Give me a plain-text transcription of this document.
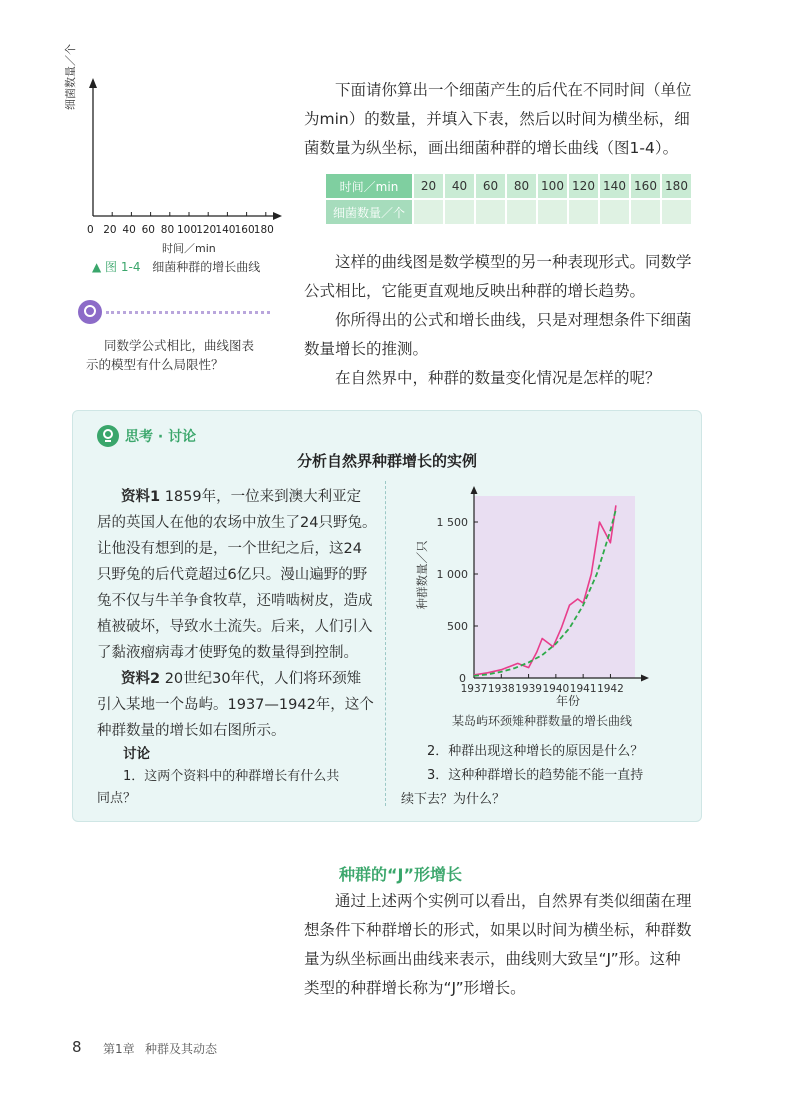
细菌数量／个
0 20 40 60 80 100 120 140 160 180
时间／min
▲ 图 1-4 细菌种群的增长曲线
同数学公式相比，曲线图表
示的模型有什么局限性？

下面请你算出一个细菌产生的后代在不同时间（单位

为min）的数量，并填入下表，然后以时间为横坐标，细

菌数量为纵坐标，画出细菌种群的增长曲线（图1-4）。

时间／min	20	40	60	80	100	120	140	160	180
细菌数量／个									

这样的曲线图是数学模型的另一种表现形式。同数学

公式相比，它能更直观地反映出种群的增长趋势。

你所得出的公式和增长曲线，只是对理想条件下细菌

数量增长的推测。

在自然界中，种群的数量变化情况是怎样的呢？

思考 · 讨论
分析自然界种群增长的实例
资料1 1859年，一位来到澳大利亚定
居的英国人在他的农场中放生了24只野兔。
让他没有想到的是，一个世纪之后，这24
只野兔的后代竟超过6亿只。漫山遍野的野
兔不仅与牛羊争食牧草，还啃啮树皮，造成
植被破坏，导致水土流失。后来，人们引入
了黏液瘤病毒才使野兔的数量得到控制。
资料2 20世纪30年代，人们将环颈雉
引入某地一个岛屿。1937—1942年，这个
种群数量的增长如右图所示。
讨论
1．这两个资料中的种群增长有什么共
同点？
2．种群出现这种增长的原因是什么？
3．这种种群增长的趋势能不能一直持
续下去？为什么？
0
500
1 000
1 500
1937 1938 1939 1940 1941 1942
种群数量／只
年份
某岛屿环颈雉种群数量的增长曲线
种群的“J”形增长

通过上述两个实例可以看出，自然界有类似细菌在理

想条件下种群增长的形式，如果以时间为横坐标，种群数

量为纵坐标画出曲线来表示，曲线则大致呈“J”形。这种

类型的种群增长称为“J”形增长。

8 第1章 种群及其动态
